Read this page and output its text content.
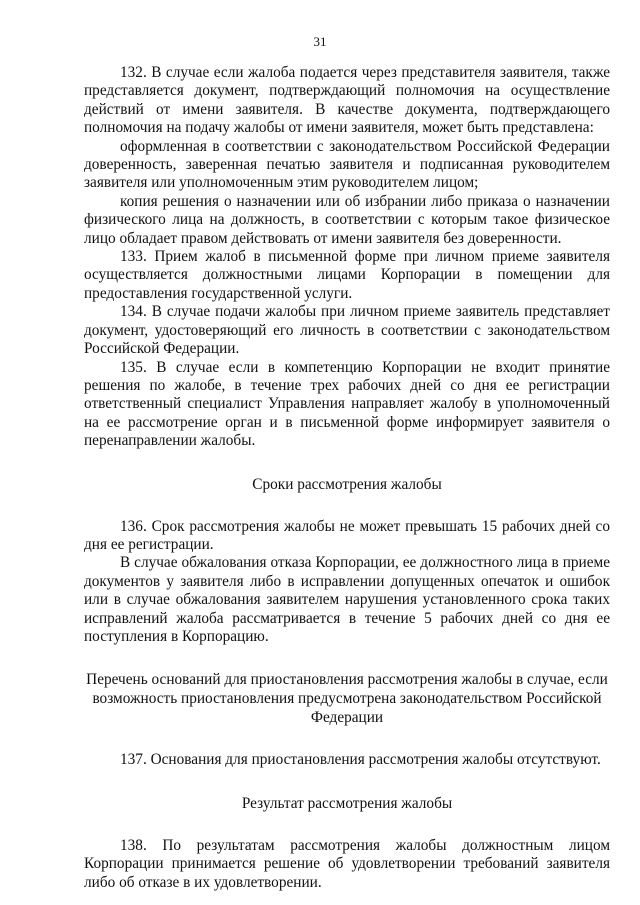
31

132. В случае если жалоба подается через представителя заявителя, также представляется документ, подтверждающий полномочия на осуществление действий от имени заявителя. В качестве документа, подтверждающего полномочия на подачу жалобы от имени заявителя, может быть представлена:

оформленная в соответствии с законодательством Российской Федерации доверенность, заверенная печатью заявителя и подписанная руководителем заявителя или уполномоченным этим руководителем лицом;

копия решения о назначении или об избрании либо приказа о назначении физического лица на должность, в соответствии с которым такое физическое лицо обладает правом действовать от имени заявителя без доверенности.

133. Прием жалоб в письменной форме при личном приеме заявителя осуществляется должностными лицами Корпорации в помещении для предоставления государственной услуги.

134. В случае подачи жалобы при личном приеме заявитель представляет документ, удостоверяющий его личность в соответствии с законодательством Российской Федерации.

135. В случае если в компетенцию Корпорации не входит принятие решения по жалобе, в течение трех рабочих дней со дня ее регистрации ответственный специалист Управления направляет жалобу в уполномоченный на ее рассмотрение орган и в письменной форме информирует заявителя о перенаправлении жалобы.

Сроки рассмотрения жалобы

136. Срок рассмотрения жалобы не может превышать 15 рабочих дней со дня ее регистрации.

В случае обжалования отказа Корпорации, ее должностного лица в приеме документов у заявителя либо в исправлении допущенных опечаток и ошибок или в случае обжалования заявителем нарушения установленного срока таких исправлений жалоба рассматривается в течение 5 рабочих дней со дня ее поступления в Корпорацию.

Перечень оснований для приостановления рассмотрения жалобы в случае, если возможность приостановления предусмотрена законодательством Российской Федерации

137. Основания для приостановления рассмотрения жалобы отсутствуют.

Результат рассмотрения жалобы

138. По результатам рассмотрения жалобы должностным лицом Корпорации принимается решение об удовлетворении требований заявителя либо об отказе в их удовлетворении.
